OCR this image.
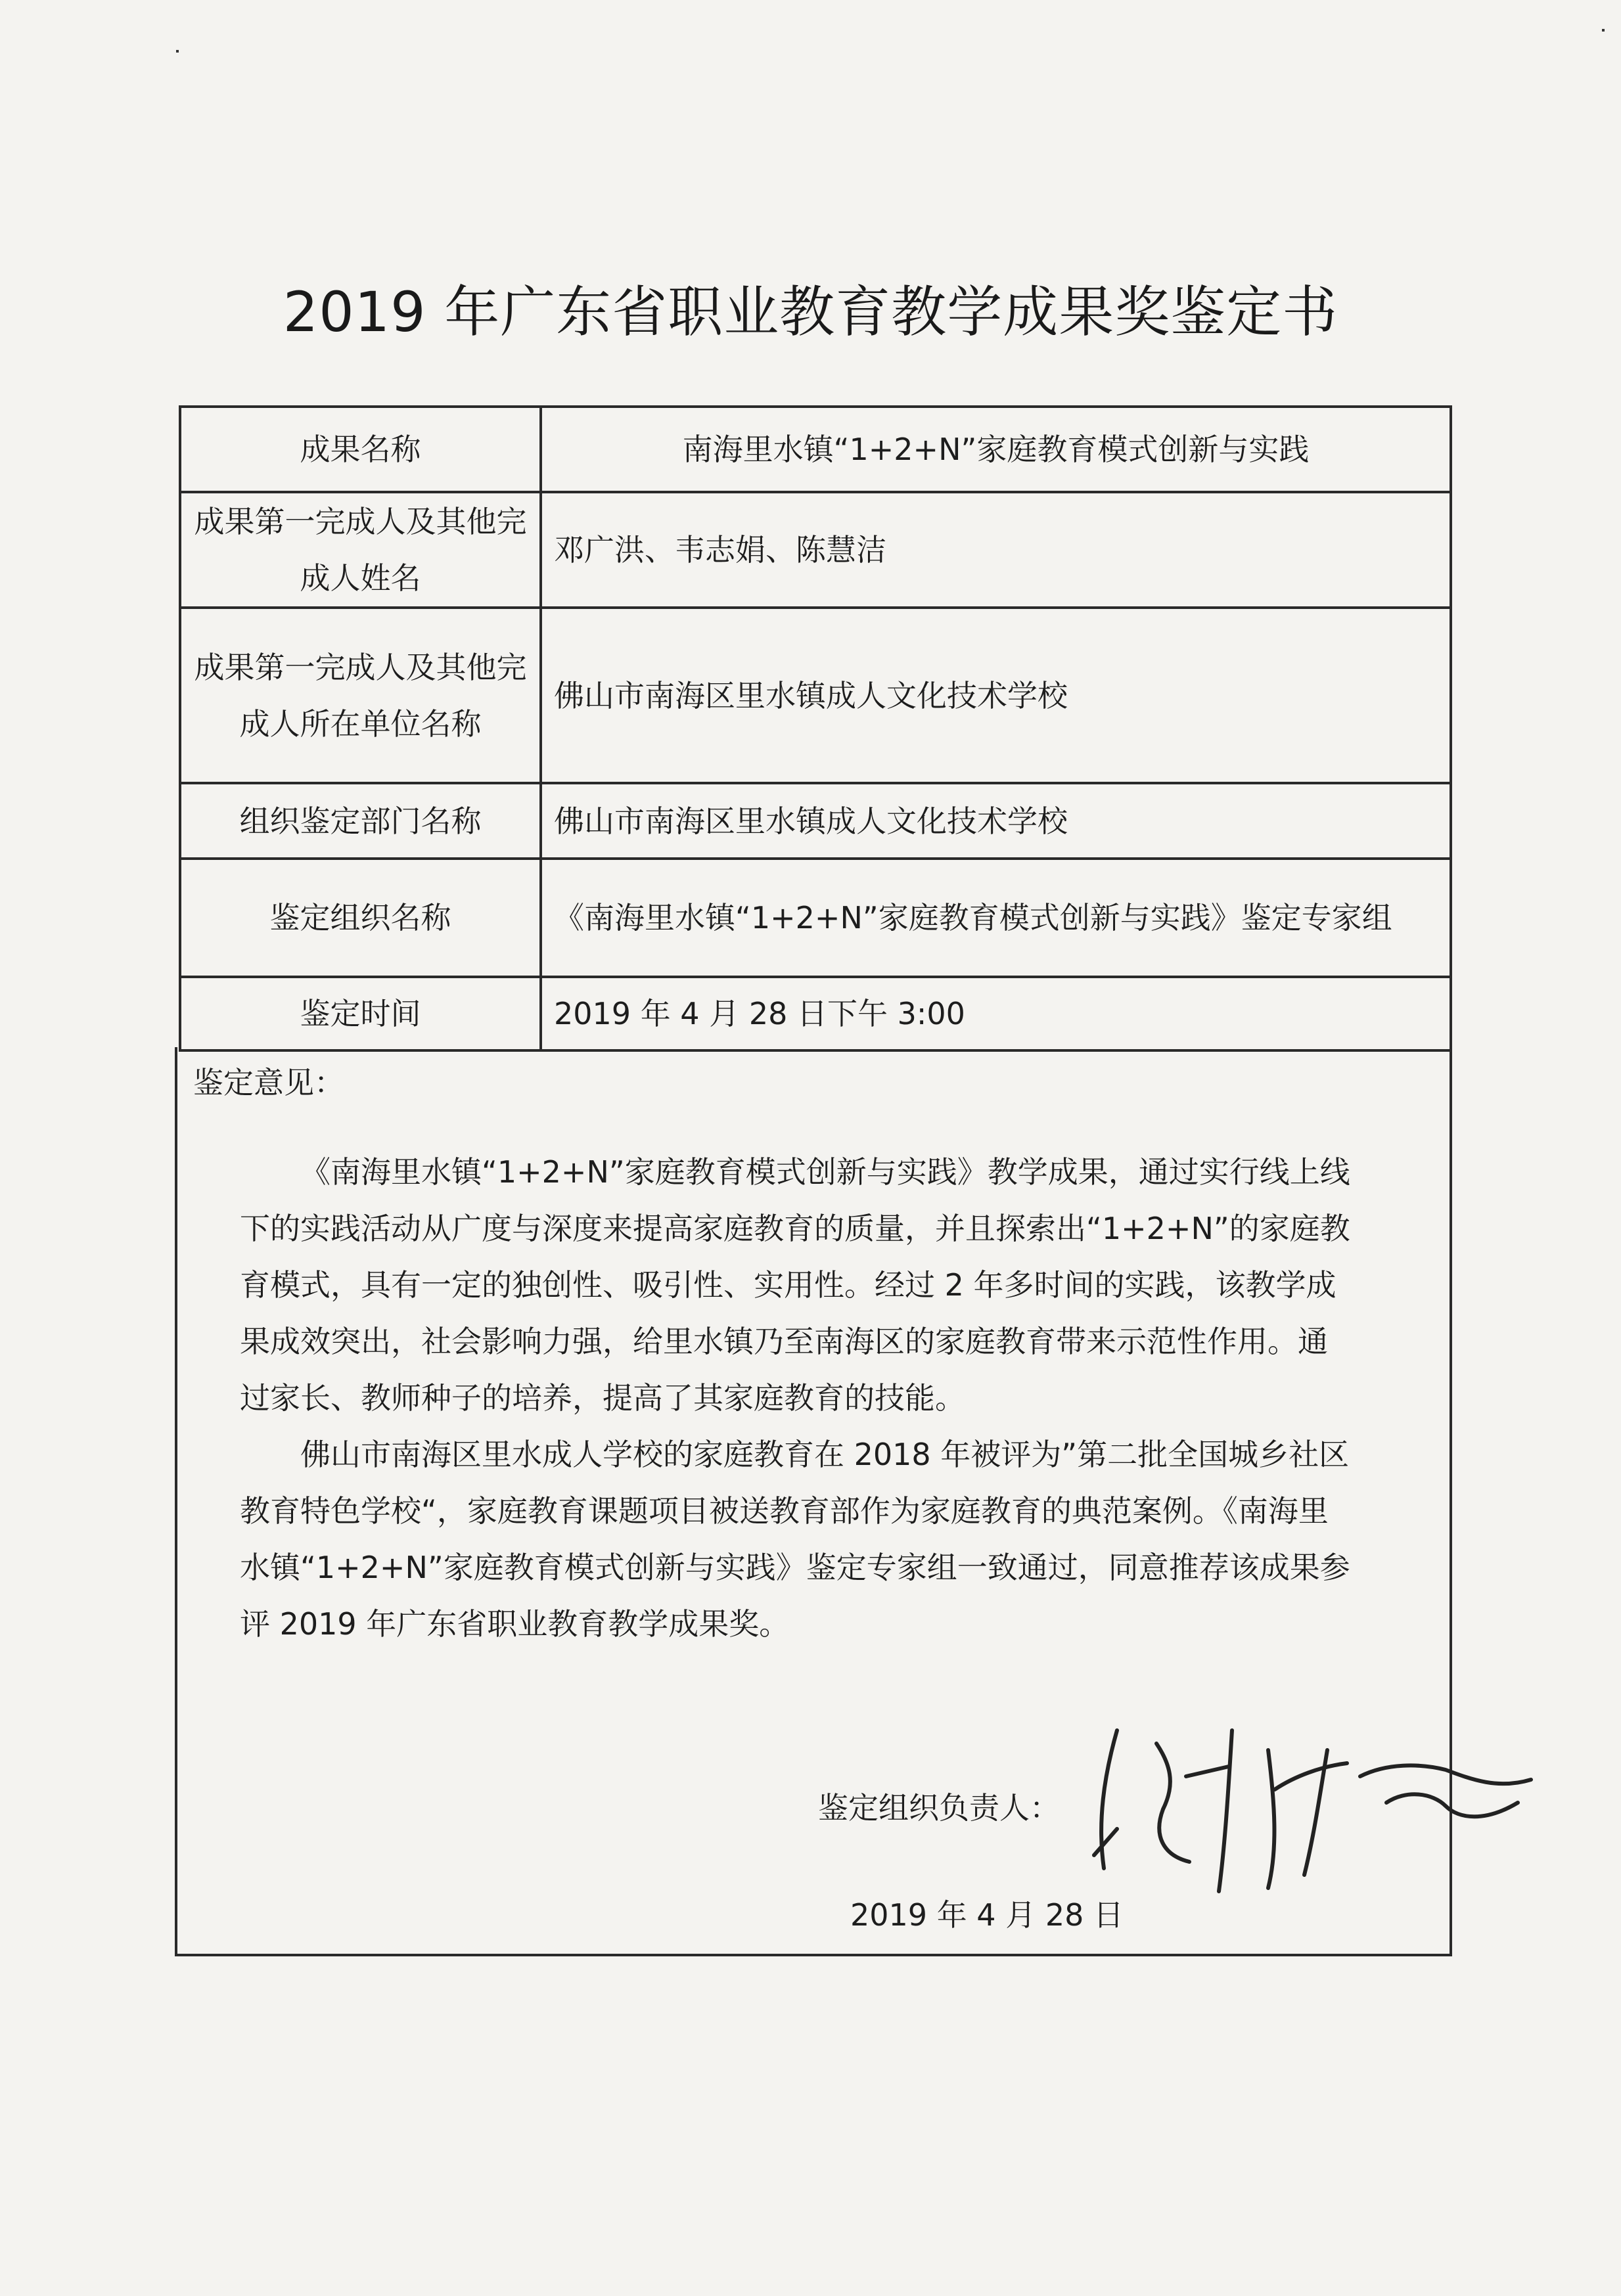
2019 年广东省职业教育教学成果奖鉴定书
成果名称	南海里水镇“1+2+N”家庭教育模式创新与实践
成果第一完成人及其他完成人姓名	邓广洪、韦志娟、陈慧洁
成果第一完成人及其他完成人所在单位名称	佛山市南海区里水镇成人文化技术学校
组织鉴定部门名称	佛山市南海区里水镇成人文化技术学校
鉴定组织名称	《南海里水镇“1+2+N”家庭教育模式创新与实践》鉴定专家组
鉴定时间	2019 年 4 月 28 日下午 3:00
鉴定意见：

《南海里水镇“1+2+N”家庭教育模式创新与实践》教学成果，通过实行线上线下的实践活动从广度与深度来提高家庭教育的质量，并且探索出“1+2+N”的家庭教育模式，具有一定的独创性、吸引性、实用性。经过 2 年多时间的实践，该教学成果成效突出，社会影响力强，给里水镇乃至南海区的家庭教育带来示范性作用。通过家长、教师种子的培养，提高了其家庭教育的技能。

佛山市南海区里水成人学校的家庭教育在 2018 年被评为”第二批全国城乡社区教育特色学校“，家庭教育课题项目被送教育部作为家庭教育的典范案例。《南海里水镇“1+2+N”家庭教育模式创新与实践》鉴定专家组一致通过，同意推荐该成果参评 2019 年广东省职业教育教学成果奖。

鉴定组织负责人：
2019 年 4 月 28 日
